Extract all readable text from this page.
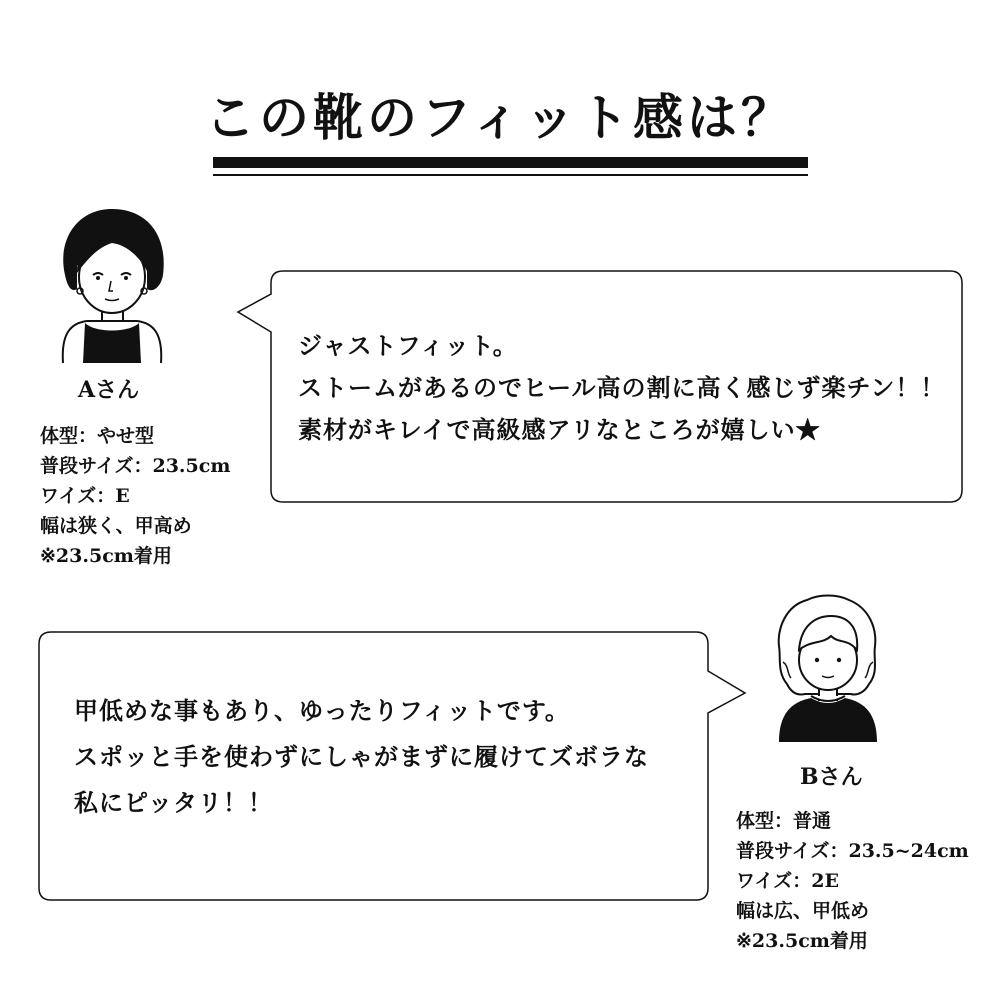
この靴のフィット感は？
Aさん
体型：やせ型
普段サイズ：23.5cm
ワイズ：E
幅は狭く、甲高め
※23.5cm着用
ジャストフィット。
ストームがあるのでヒール高の割に高く感じず楽チン！！
素材がキレイで高級感アリなところが嬉しい★
甲低めな事もあり、ゆったりフィットです。
スポッと手を使わずにしゃがまずに履けてズボラな
私にピッタリ！！
Bさん
体型：普通
普段サイズ：23.5~24cm
ワイズ：2E
幅は広、甲低め
※23.5cm着用
